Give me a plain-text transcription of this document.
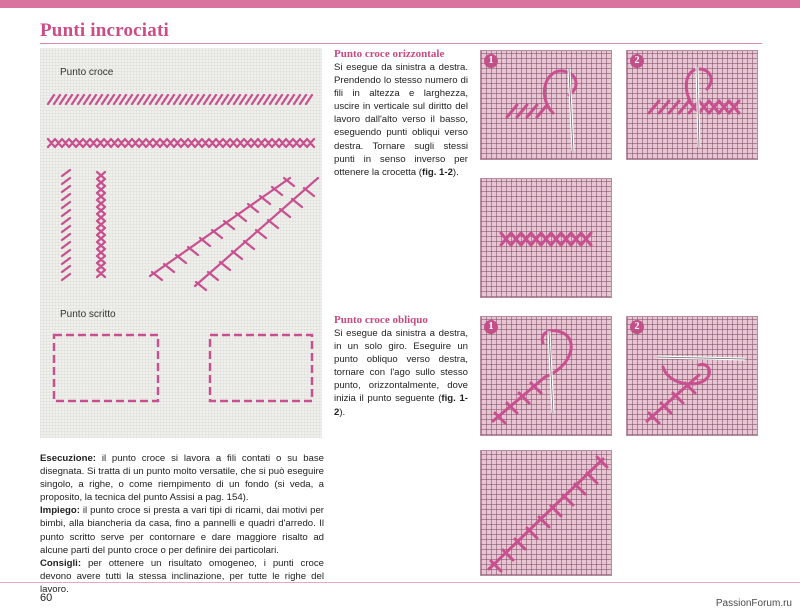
Punti incrociati
Punto croce
Punto scritto

Esecuzione: il punto croce si lavora a fili contati o su base disegnata. Si tratta di un punto molto versatile, che si può eseguire singolo, a righe, o come riempimento di un fondo (si veda, a proposito, la tecnica del punto Assisi a pag. 154).

Impiego: il punto croce si presta a vari tipi di ricami, dai motivi per bimbi, alla biancheria da casa, fino a pannelli e quadri d'arredo. Il punto scritto serve per contornare e dare maggiore risalto ad alcune parti del punto croce o per definire dei particolari.

Consigli: per ottenere un risultato omogeneo, i punti croce devono avere tutti la stessa inclinazione, per tutte le righe del lavoro.

Punto croce orizzontale
Si esegue da sinistra a destra. Prendendo lo stesso numero di fili in altezza e larghezza, uscire in verticale sul diritto del lavoro dall'alto verso il basso, eseguendo punti obliqui verso destra. Tornare sugli stessi punti in senso inverso per ottenere la crocetta (fig. 1-2).
1	2
Punto croce obliquo
Si esegue da sinistra a destra, in un solo giro. Eseguire un punto obliquo verso destra, tornare con l'ago sullo stesso punto, orizzontalmente, dove inizia il punto seguente (fig. 1-2).
1	2
60	PassionForum.ru
